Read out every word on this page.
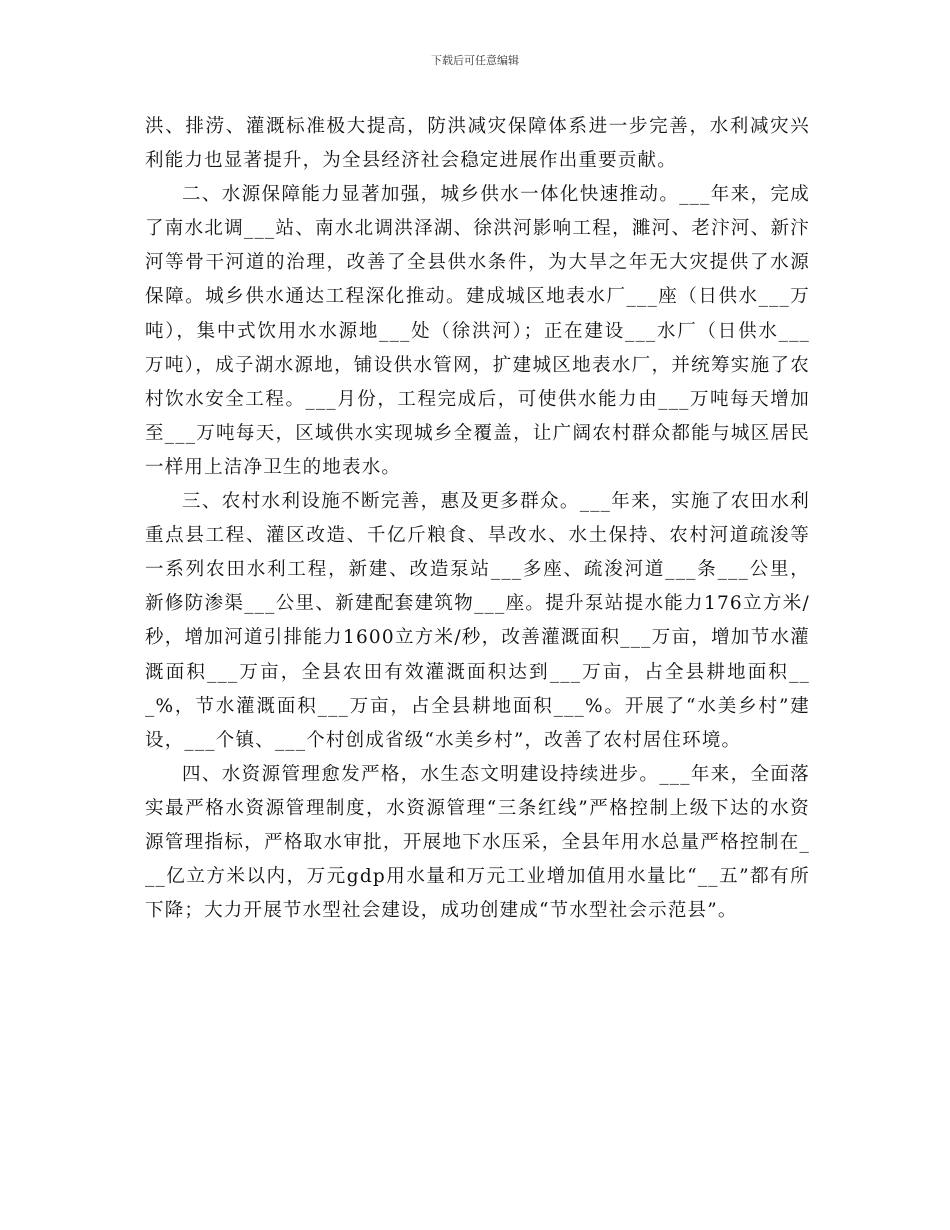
下载后可任意编辑

洪、排涝、灌溉标准极大提高，防洪减灾保障体系进一步完善，水利减灾兴利能力也显著提升，为全县经济社会稳定进展作出重要贡献。

二、水源保障能力显著加强，城乡供水一体化快速推动。___年来，完成了南水北调___站、南水北调洪泽湖、徐洪河影响工程，濉河、老汴河、新汴河等骨干河道的治理，改善了全县供水条件，为大旱之年无大灾提供了水源保障。城乡供水通达工程深化推动。建成城区地表水厂___座（日供水___万吨），集中式饮用水水源地___处（徐洪河）；正在建设___水厂（日供水___万吨），成子湖水源地，铺设供水管网，扩建城区地表水厂，并统筹实施了农村饮水安全工程。___月份，工程完成后，可使供水能力由___万吨每天增加至___万吨每天，区域供水实现城乡全覆盖，让广阔农村群众都能与城区居民一样用上洁净卫生的地表水。

三、农村水利设施不断完善，惠及更多群众。___年来，实施了农田水利重点县工程、灌区改造、千亿斤粮食、旱改水、水土保持、农村河道疏浚等一系列农田水利工程，新建、改造泵站___多座、疏浚河道___条___公里，新修防渗渠___公里、新建配套建筑物___座。提升泵站提水能力176立方米/秒，增加河道引排能力1600立方米/秒，改善灌溉面积___万亩，增加节水灌溉面积___万亩，全县农田有效灌溉面积达到___万亩，占全县耕地面积___%，节水灌溉面积___万亩，占全县耕地面积___%。开展了“水美乡村”建设，___个镇、___个村创成省级“水美乡村”，改善了农村居住环境。

四、水资源管理愈发严格，水生态文明建设持续进步。___年来，全面落实最严格水资源管理制度，水资源管理“三条红线”严格控制上级下达的水资源管理指标，严格取水审批，开展地下水压采，全县年用水总量严格控制在___亿立方米以内，万元gdp用水量和万元工业增加值用水量比“__五”都有所下降；大力开展节水型社会建设，成功创建成“节水型社会示范县”。
